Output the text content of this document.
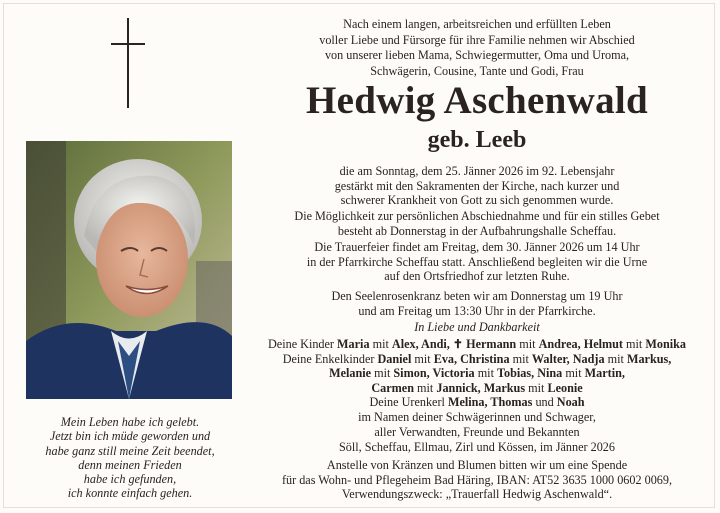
Mein Leben habe ich gelebt.
Jetzt bin ich müde geworden und
habe ganz still meine Zeit beendet,
denn meinen Frieden
habe ich gefunden,
ich konnte einfach gehen.
Nach einem langen, arbeitsreichen und erfüllten Leben
voller Liebe und Fürsorge für ihre Familie nehmen wir Abschied
von unserer lieben Mama, Schwiegermutter, Oma und Uroma,
Schwägerin, Cousine, Tante und Godi, Frau
Hedwig Aschenwald
geb. Leeb
die am Sonntag, dem 25. Jänner 2026 im 92. Lebensjahr
gestärkt mit den Sakramenten der Kirche, nach kurzer und
schwerer Krankheit von Gott zu sich genommen wurde.
Die Möglichkeit zur persönlichen Abschiednahme und für ein stilles Gebet
besteht ab Donnerstag in der Aufbahrungshalle Scheffau.
Die Trauerfeier findet am Freitag, dem 30. Jänner 2026 um 14 Uhr
in der Pfarrkirche Scheffau statt. Anschließend begleiten wir die Urne
auf den Ortsfriedhof zur letzten Ruhe.
Den Seelenrosenkranz beten wir am Donnerstag um 19 Uhr
und am Freitag um 13:30 Uhr in der Pfarrkirche.
In Liebe und Dankbarkeit
Deine Kinder Maria mit Alex, Andi, ✝ Hermann mit Andrea, Helmut mit Monika
Deine Enkelkinder Daniel mit Eva, Christina mit Walter, Nadja mit Markus,
Melanie mit Simon, Victoria mit Tobias, Nina mit Martin,
Carmen mit Jannick, Markus mit Leonie
Deine Urenkerl Melina, Thomas und Noah
im Namen deiner Schwägerinnen und Schwager,
aller Verwandten, Freunde und Bekannten
Söll, Scheffau, Ellmau, Zirl und Kössen, im Jänner 2026
Anstelle von Kränzen und Blumen bitten wir um eine Spende
für das Wohn- und Pflegeheim Bad Häring, IBAN: AT52 3635 1000 0602 0069,
Verwendungszweck: „Trauerfall Hedwig Aschenwald“.
